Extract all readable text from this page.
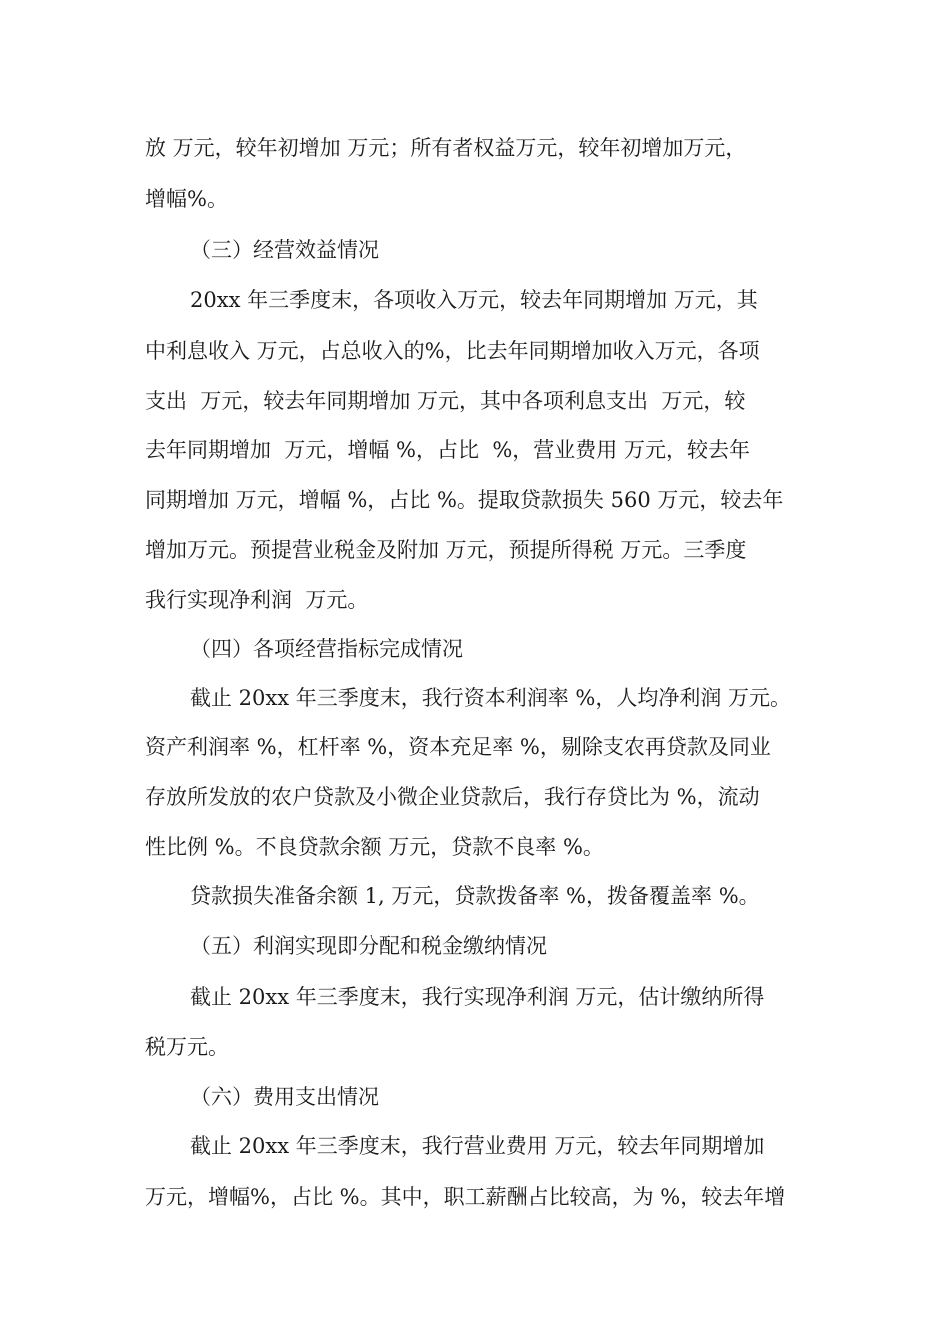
放 万元，较年初增加 万元；所有者权益万元，较年初增加万元，
增幅%。
（三）经营效益情况
20xx 年三季度末，各项收入万元，较去年同期增加 万元，其
中利息收入 万元，占总收入的%，比去年同期增加收入万元，各项
支出  万元，较去年同期增加 万元，其中各项利息支出  万元，较
去年同期增加  万元，增幅 %，占比  %，营业费用 万元，较去年
同期增加 万元，增幅 %，占比 %。提取贷款损失 560 万元，较去年
增加万元。预提营业税金及附加 万元，预提所得税 万元。三季度
我行实现净利润  万元。
（四）各项经营指标完成情况
截止 20xx 年三季度末，我行资本利润率 %，人均净利润 万元。
资产利润率 %，杠杆率 %，资本充足率 %，剔除支农再贷款及同业
存放所发放的农户贷款及小微企业贷款后，我行存贷比为 %，流动
性比例 %。不良贷款余额 万元，贷款不良率 %。
贷款损失准备余额 1, 万元，贷款拨备率 %，拨备覆盖率 %。
（五）利润实现即分配和税金缴纳情况
截止 20xx 年三季度末，我行实现净利润 万元，估计缴纳所得
税万元。
（六）费用支出情况
截止 20xx 年三季度末，我行营业费用 万元，较去年同期增加
万元，增幅%，占比 %。其中，职工薪酬占比较高，为 %，较去年增
